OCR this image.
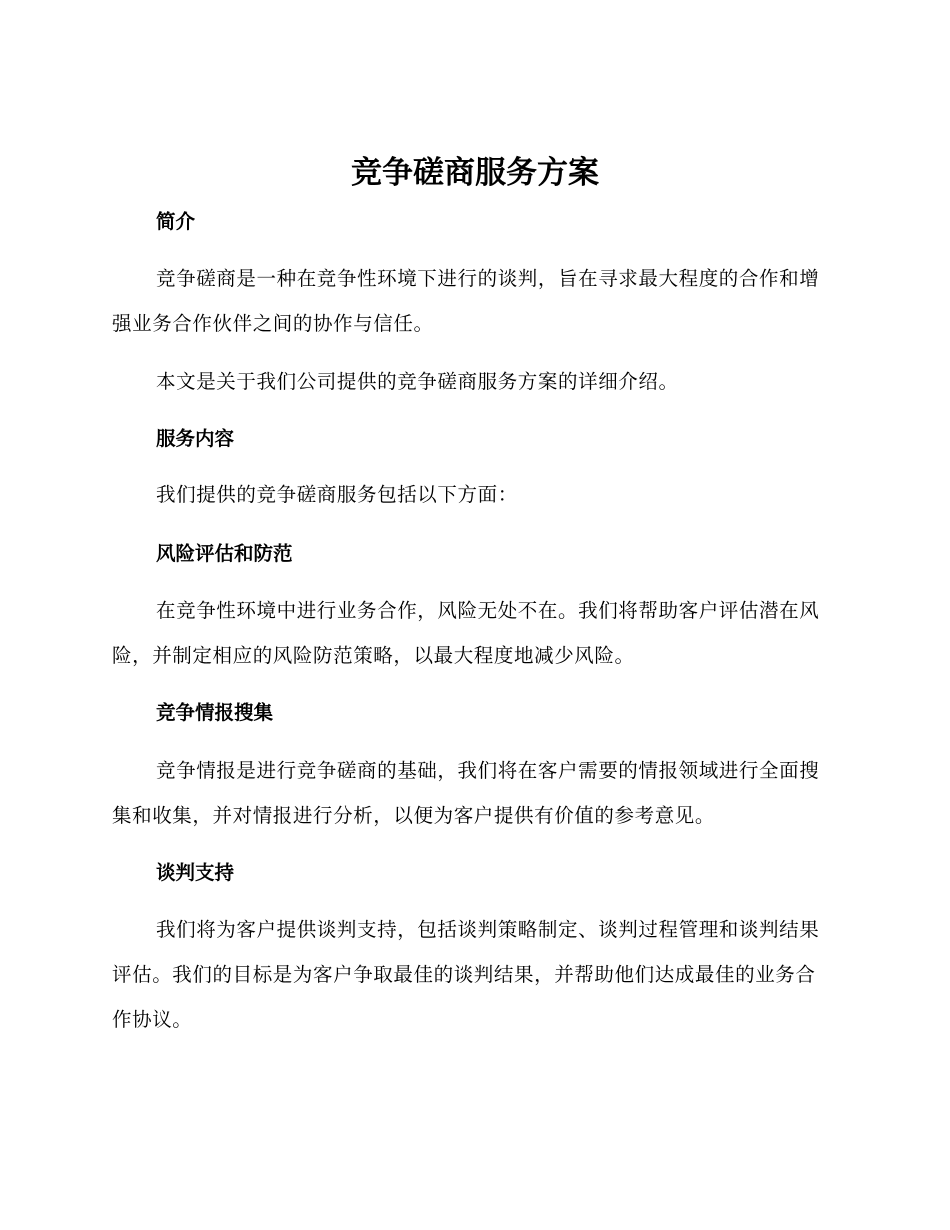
竞争磋商服务方案
简介

竞争磋商是一种在竞争性环境下进行的谈判，旨在寻求最大程度的合作和增强业务合作伙伴之间的协作与信任。

本文是关于我们公司提供的竞争磋商服务方案的详细介绍。

服务内容

我们提供的竞争磋商服务包括以下方面：

风险评估和防范

在竞争性环境中进行业务合作，风险无处不在。我们将帮助客户评估潜在风险，并制定相应的风险防范策略，以最大程度地减少风险。

竞争情报搜集

竞争情报是进行竞争磋商的基础，我们将在客户需要的情报领域进行全面搜集和收集，并对情报进行分析，以便为客户提供有价值的参考意见。

谈判支持

我们将为客户提供谈判支持，包括谈判策略制定、谈判过程管理和谈判结果评估。我们的目标是为客户争取最佳的谈判结果，并帮助他们达成最佳的业务合作协议。
